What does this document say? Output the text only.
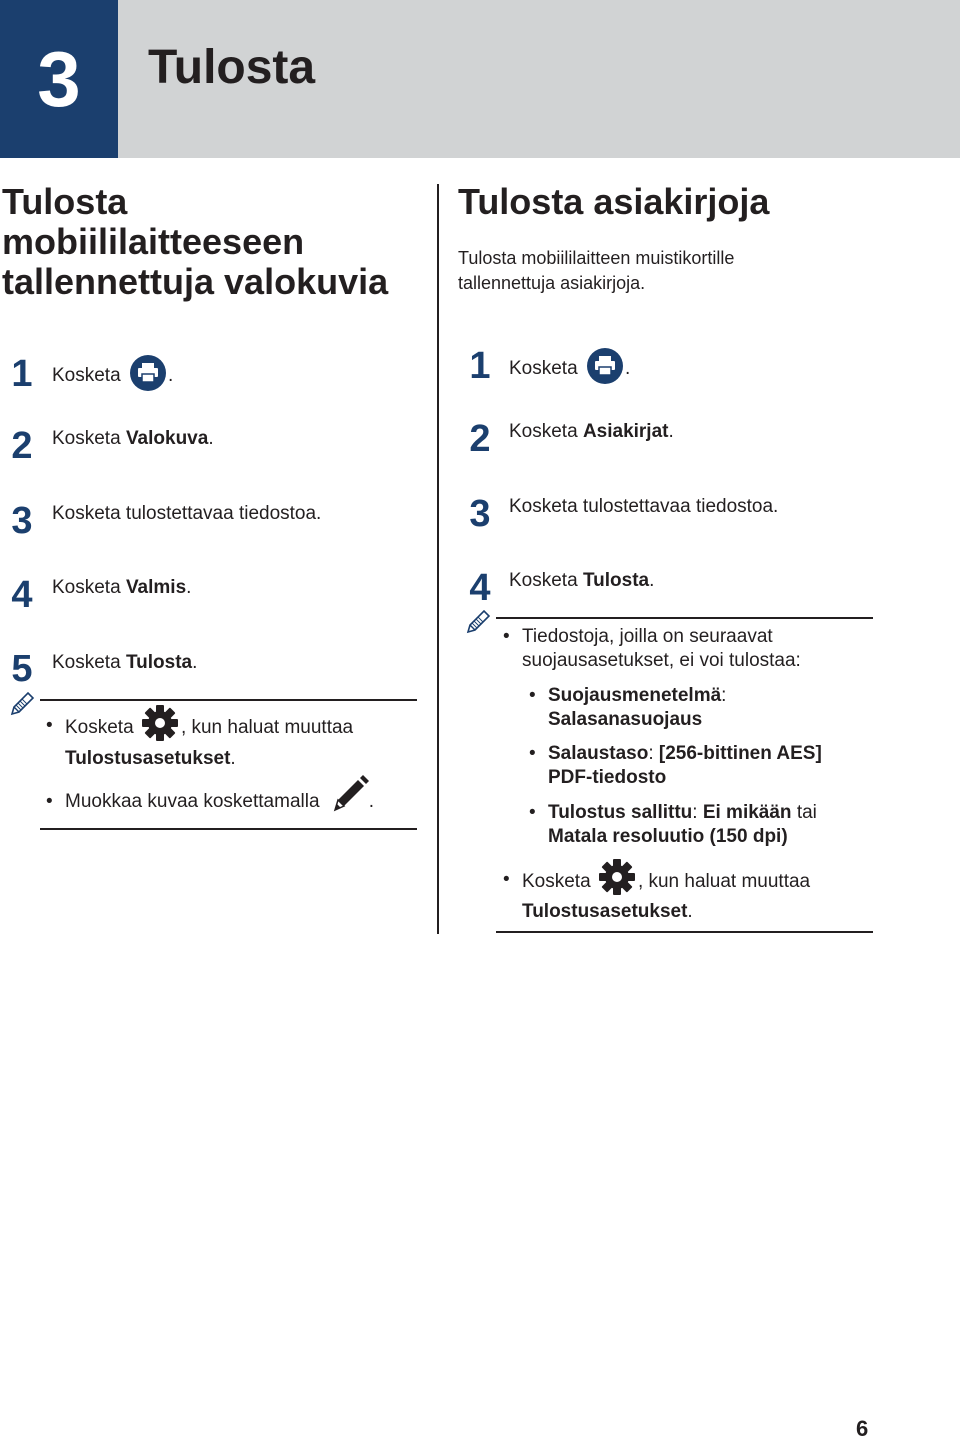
3	Tulosta
Tulosta
mobiililaitteeseen
tallennettuja valokuvia
1	Kosketa
.
2	Kosketa Valokuva.
3	Kosketa tulostettavaa tiedostoa.
4	Kosketa Valmis.
5	Kosketa Tulosta.
• Kosketa , kun haluat muuttaa
Tulostusasetukset.
• Muokkaa kuvaa koskettamalla .
Tulosta asiakirjoja
Tulosta mobiililaitteen muistikortille
tallennettuja asiakirjoja.
1 Kosketa
.
2 Kosketa Asiakirjat.
3 Kosketa tulostettavaa tiedostoa.
4 Kosketa Tulosta.
• Tiedostoja, joilla on seuraavat
suojausasetukset, ei voi tulostaa:
• Suojausmenetelmä:
Salasanasuojaus
• Salaustaso: [256-bittinen AES]
PDF-tiedosto
• Tulostus sallittu: Ei mikään tai
Matala resoluutio (150 dpi)
• Kosketa , kun haluat muuttaa
Tulostusasetukset.
6
